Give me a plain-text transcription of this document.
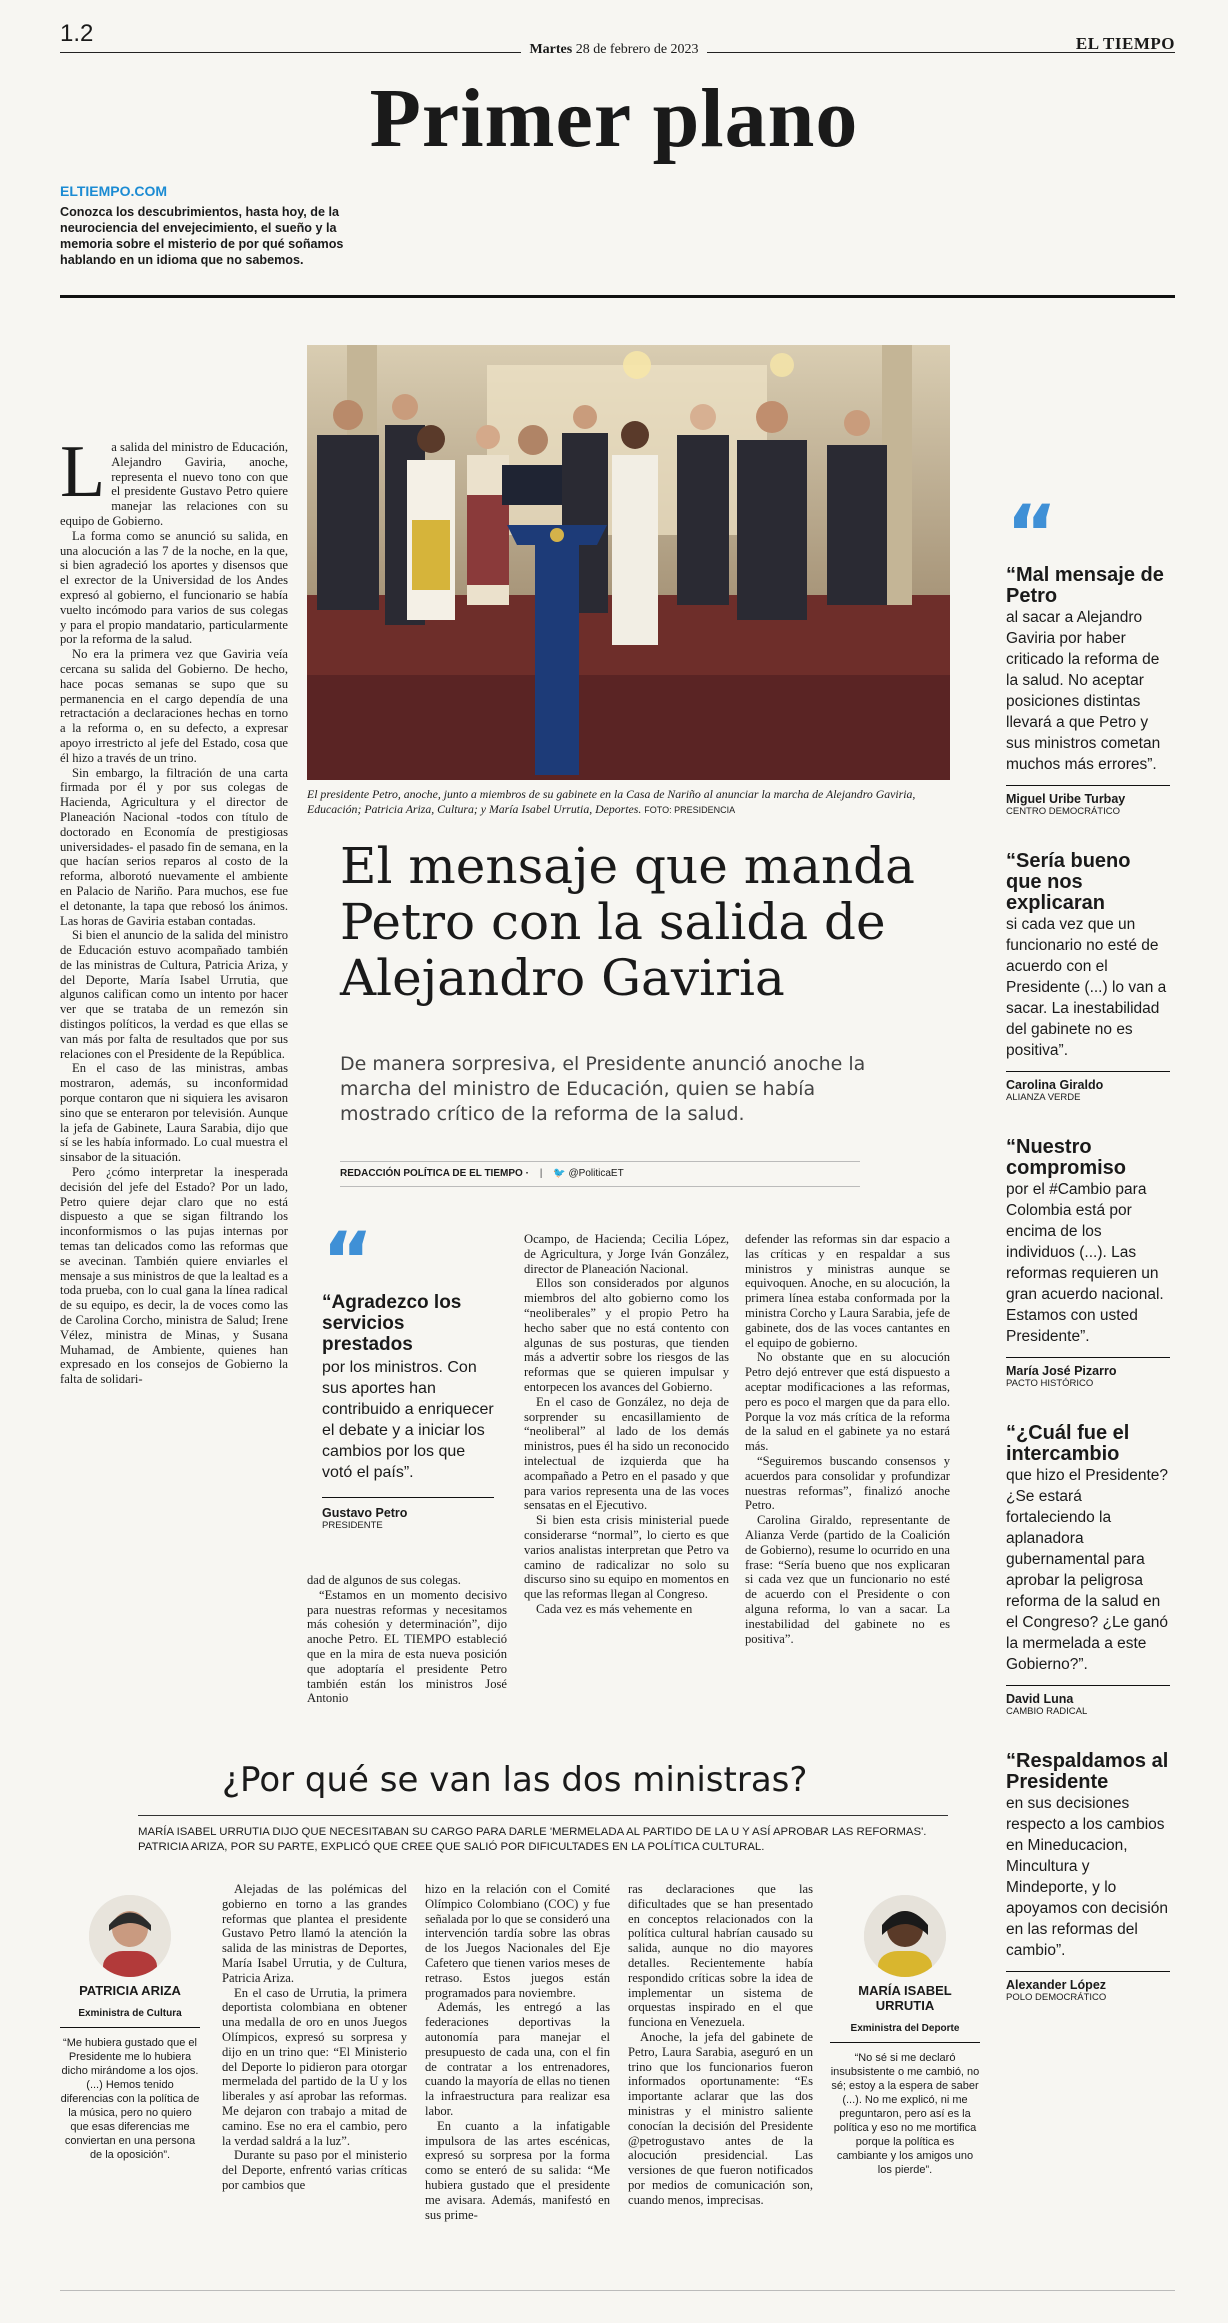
1.2
Martes 28 de febrero de 2023	EL TIEMPO
Primer plano
ELTIEMPO.COM
Conozca los descubrimientos, hasta hoy, de la neurociencia del envejecimiento, el sueño y la memoria sobre el misterio de por qué soñamos hablando en un idioma que no sabemos.
El presidente Petro, anoche, junto a miembros de su gabinete en la Casa de Nariño al anunciar la marcha de Alejandro Gaviria, Educación; Patricia Ariza, Cultura; y María Isabel Urrutia, Deportes. FOTO: PRESIDENCIA
L a salida del ministro de Educación, Alejandro Gaviria, anoche, representa el nuevo tono con que el presidente Gustavo Petro quiere manejar las relaciones con su equipo de Gobierno.

La forma como se anunció su salida, en una alocución a las 7 de la noche, en la que, si bien agradeció los aportes y disensos que el exrector de la Universidad de los Andes expresó al gobierno, el funcionario se había vuelto incómodo para varios de sus colegas y para el propio mandatario, particularmente por la reforma de la salud.

No era la primera vez que Gaviria veía cercana su salida del Gobierno. De hecho, hace pocas semanas se supo que su permanencia en el cargo dependía de una retractación a declaraciones hechas en torno a la reforma o, en su defecto, a expresar apoyo irrestricto al jefe del Estado, cosa que él hizo a través de un trino.

Sin embargo, la filtración de una carta firmada por él y por sus colegas de Hacienda, Agricultura y el director de Planeación Nacional -todos con título de doctorado en Economía de prestigiosas universidades- el pasado fin de semana, en la que hacían serios reparos al costo de la reforma, alborotó nuevamente el ambiente en Palacio de Nariño. Para muchos, ese fue el detonante, la tapa que rebosó los ánimos. Las horas de Gaviria estaban contadas.

Si bien el anuncio de la salida del ministro de Educación estuvo acompañado también de las ministras de Cultura, Patricia Ariza, y del Deporte, María Isabel Urrutia, que algunos califican como un intento por hacer ver que se trataba de un remezón sin distingos políticos, la verdad es que ellas se van más por falta de resultados que por sus relaciones con el Presidente de la República.

En el caso de las ministras, ambas mostraron, además, su inconformidad porque contaron que ni siquiera les avisaron sino que se enteraron por televisión. Aunque la jefa de Gabinete, Laura Sarabia, dijo que sí se les había informado. Lo cual muestra el sinsabor de la situación.

Pero ¿cómo interpretar la inesperada decisión del jefe del Estado? Por un lado, Petro quiere dejar claro que no está dispuesto a que se sigan filtrando los inconformismos o las pujas internas por temas tan delicados como las reformas que se avecinan. También quiere enviarles el mensaje a sus ministros de que la lealtad es a toda prueba, con lo cual gana la línea radical de su equipo, es decir, la de voces como las de Carolina Corcho, ministra de Salud; Irene Vélez, ministra de Minas, y Susana Muhamad, de Ambiente, quienes han expresado en los consejos de Gobierno la falta de solidari-

El mensaje que manda Petro con la salida de Alejandro Gaviria
De manera sorpresiva, el Presidente anunció anoche la marcha del ministro de Educación, quien se había mostrado crítico de la reforma de la salud.
REDACCIÓN POLÍTICA DE EL TIEMPO · | 🐦 @PoliticaET
“
“Agradezco los servicios prestados
por los ministros. Con sus aportes han contribuido a enriquecer el debate y a iniciar los cambios por los que votó el país”.
Gustavo Petro
PRESIDENTE

dad de algunos de sus colegas.

“Estamos en un momento decisivo para nuestras reformas y necesitamos más cohesión y determinación”, dijo anoche Petro. EL TIEMPO estableció que en la mira de esta nueva posición que adoptaría el presidente Petro también están los ministros José Antonio

Ocampo, de Hacienda; Cecilia López, de Agricultura, y Jorge Iván González, director de Planeación Nacional.

Ellos son considerados por algunos miembros del alto gobierno como los “neoliberales” y el propio Petro ha hecho saber que no está contento con algunas de sus posturas, que tienden más a advertir sobre los riesgos de las reformas que se quieren impulsar y entorpecen los avances del Gobierno.

En el caso de González, no deja de sorprender su encasillamiento de “neoliberal” al lado de los demás ministros, pues él ha sido un reconocido intelectual de izquierda que ha acompañado a Petro en el pasado y que para varios representa una de las voces sensatas en el Ejecutivo.

Si bien esta crisis ministerial puede considerarse “normal”, lo cierto es que varios analistas interpretan que Petro va camino de radicalizar no solo su discurso sino su equipo en momentos en que las reformas llegan al Congreso.

Cada vez es más vehemente en

defender las reformas sin dar espacio a las críticas y en respaldar a sus ministros y ministras aunque se equivoquen. Anoche, en su alocución, la primera línea estaba conformada por la ministra Corcho y Laura Sarabia, jefe de gabinete, dos de las voces cantantes en el equipo de gobierno.

No obstante que en su alocución Petro dejó entrever que está dispuesto a aceptar modificaciones a las reformas, pero es poco el margen que da para ello. Porque la voz más crítica de la reforma de la salud en el gabinete ya no estará más.

“Seguiremos buscando consensos y acuerdos para consolidar y profundizar nuestras reformas”, finalizó anoche Petro.

Carolina Giraldo, representante de Alianza Verde (partido de la Coalición de Gobierno), resume lo ocurrido en una frase: “Sería bueno que nos explicaran si cada vez que un funcionario no esté de acuerdo con el Presidente o con alguna reforma, lo van a sacar. La inestabilidad del gabinete no es positiva”.

“
“Mal mensaje de Petro
al sacar a Alejandro Gaviria por haber criticado la reforma de la salud. No aceptar posiciones distintas llevará a que Petro y sus ministros cometan muchos más errores”.
Miguel Uribe Turbay
CENTRO DEMOCRÁTICO
“Sería bueno que nos explicaran
si cada vez que un funcionario no esté de acuerdo con el Presidente (...) lo van a sacar. La inestabilidad del gabinete no es positiva”.
Carolina Giraldo
ALIANZA VERDE
“Nuestro compromiso
por el #Cambio para Colombia está por encima de los individuos (...). Las reformas requieren un gran acuerdo nacional. Estamos con usted Presidente”.
María José Pizarro
PACTO HISTÓRICO
“¿Cuál fue el intercambio
que hizo el Presidente? ¿Se estará fortaleciendo la aplanadora gubernamental para aprobar la peligrosa reforma de la salud en el Congreso? ¿Le ganó la mermelada a este Gobierno?”.
David Luna
CAMBIO RADICAL
“Respaldamos al Presidente
en sus decisiones respecto a los cambios en Mineducacion, Mincultura y Mindeporte, y lo apoyamos con decisión en las reformas del cambio”.
Alexander López
POLO DEMOCRÁTICO
¿Por qué se van las dos ministras?
MARÍA ISABEL URRUTIA DIJO QUE NECESITABAN SU CARGO PARA DARLE 'MERMELADA AL PARTIDO DE LA U Y ASÍ APROBAR LAS REFORMAS'. PATRICIA ARIZA, POR SU PARTE, EXPLICÓ QUE CREE QUE SALIÓ POR DIFICULTADES EN LA POLÍTICA CULTURAL.
PATRICIA ARIZA
Exministra de Cultura
“Me hubiera gustado que el Presidente me lo hubiera dicho mirándome a los ojos. (...) Hemos tenido diferencias con la política de la música, pero no quiero que esas diferencias me conviertan en una persona de la oposición”.

Alejadas de las polémicas del gobierno en torno a las grandes reformas que plantea el presidente Gustavo Petro llamó la atención la salida de las ministras de Deportes, María Isabel Urrutia, y de Cultura, Patricia Ariza.

En el caso de Urrutia, la primera deportista colombiana en obtener una medalla de oro en unos Juegos Olímpicos, expresó su sorpresa y dijo en un trino que: “El Ministerio del Deporte lo pidieron para otorgar mermelada del partido de la U y los liberales y así aprobar las reformas. Me dejaron con trabajo a mitad de camino. Ese no era el cambio, pero la verdad saldrá a la luz”.

Durante su paso por el ministerio del Deporte, enfrentó varias críticas por cambios que

hizo en la relación con el Comité Olímpico Colombiano (COC) y fue señalada por lo que se consideró una intervención tardía sobre las obras de los Juegos Nacionales del Eje Cafetero que tienen varios meses de retraso. Estos juegos están programados para noviembre.

Además, les entregó a las federaciones deportivas la autonomía para manejar el presupuesto de cada una, con el fin de contratar a los entrenadores, cuando la mayoría de ellas no tienen la infraestructura para realizar esa labor.

En cuanto a la infatigable impulsora de las artes escénicas, expresó su sorpresa por la forma como se enteró de su salida: “Me hubiera gustado que el presidente me avisara. Además, manifestó en sus prime-

ras declaraciones que las dificultades que se han presentado en conceptos relacionados con la política cultural habrían causado su salida, aunque no dio mayores detalles. Recientemente había respondido críticas sobre la idea de implementar un sistema de orquestas inspirado en el que funciona en Venezuela.

Anoche, la jefa del gabinete de Petro, Laura Sarabia, aseguró en un trino que los funcionarios fueron informados oportunamente: “Es importante aclarar que las dos ministras y el ministro saliente conocían la decisión del Presidente @petrogustavo antes de la alocución presidencial. Las versiones de que fueron notificados por medios de comunicación son, cuando menos, imprecisas.

MARÍA ISABEL URRUTIA
Exministra del Deporte
“No sé si me declaró insubsistente o me cambió, no sé; estoy a la espera de saber (...). No me explicó, ni me preguntaron, pero así es la política y eso no me mortifica porque la política es cambiante y los amigos uno los pierde”.
